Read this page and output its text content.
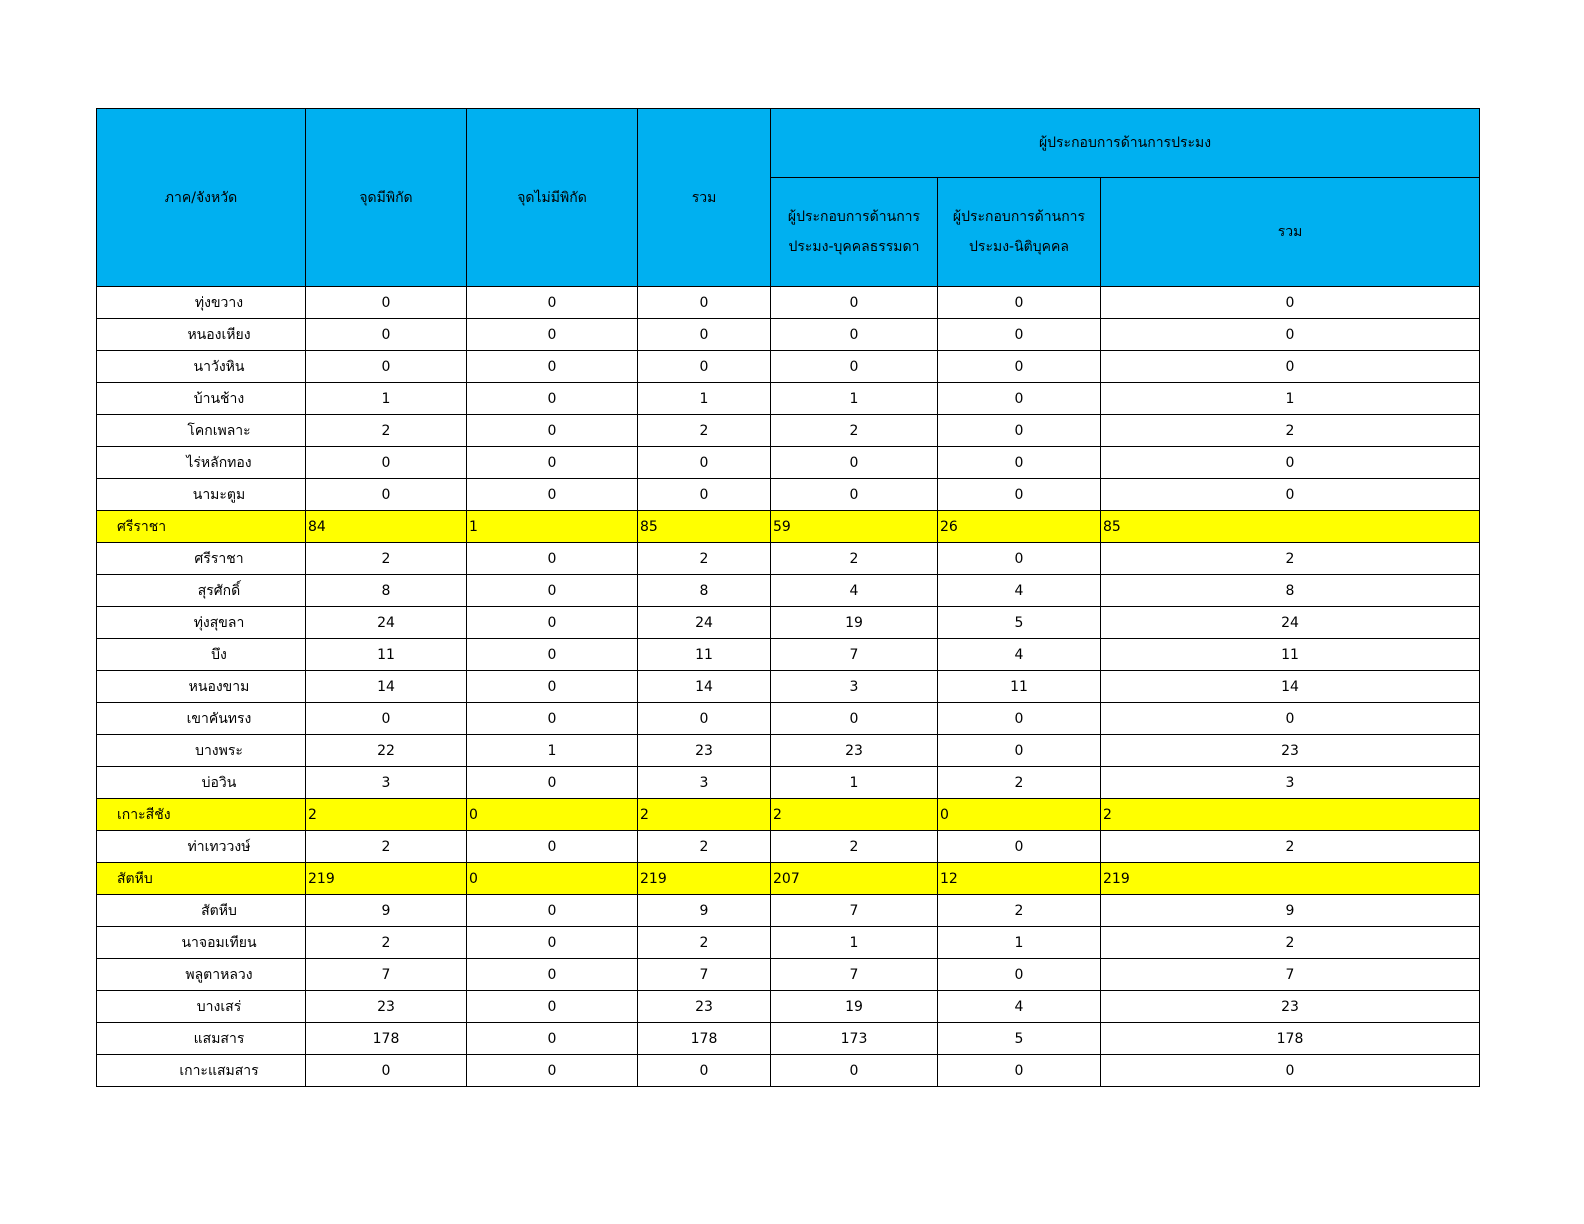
ภาค/จังหวัด	จุดมีพิกัด	จุดไม่มีพิกัด	รวม	ผู้ประกอบการด้านการประมง		
				ผู้ประกอบการด้านการประมง-บุคคลธรรมดา	ผู้ประกอบการด้านการประมง-นิติบุคคล	รวม
ทุ่งขวาง	0	0	0	0	0	0
หนองเหียง	0	0	0	0	0	0
นาวังหิน	0	0	0	0	0	0
บ้านช้าง	1	0	1	1	0	1
โคกเพลาะ	2	0	2	2	0	2
ไร่หลักทอง	0	0	0	0	0	0
นามะตูม	0	0	0	0	0	0
ศรีราชา	84	1	85	59	26	85
ศรีราชา	2	0	2	2	0	2
สุรศักดิ์	8	0	8	4	4	8
ทุ่งสุขลา	24	0	24	19	5	24
บึง	11	0	11	7	4	11
หนองขาม	14	0	14	3	11	14
เขาคันทรง	0	0	0	0	0	0
บางพระ	22	1	23	23	0	23
บ่อวิน	3	0	3	1	2	3
เกาะสีชัง	2	0	2	2	0	2
ท่าเทววงษ์	2	0	2	2	0	2
สัตหีบ	219	0	219	207	12	219
สัตหีบ	9	0	9	7	2	9
นาจอมเทียน	2	0	2	1	1	2
พลูตาหลวง	7	0	7	7	0	7
บางเสร่	23	0	23	19	4	23
แสมสาร	178	0	178	173	5	178
เกาะแสมสาร	0	0	0	0	0	0
